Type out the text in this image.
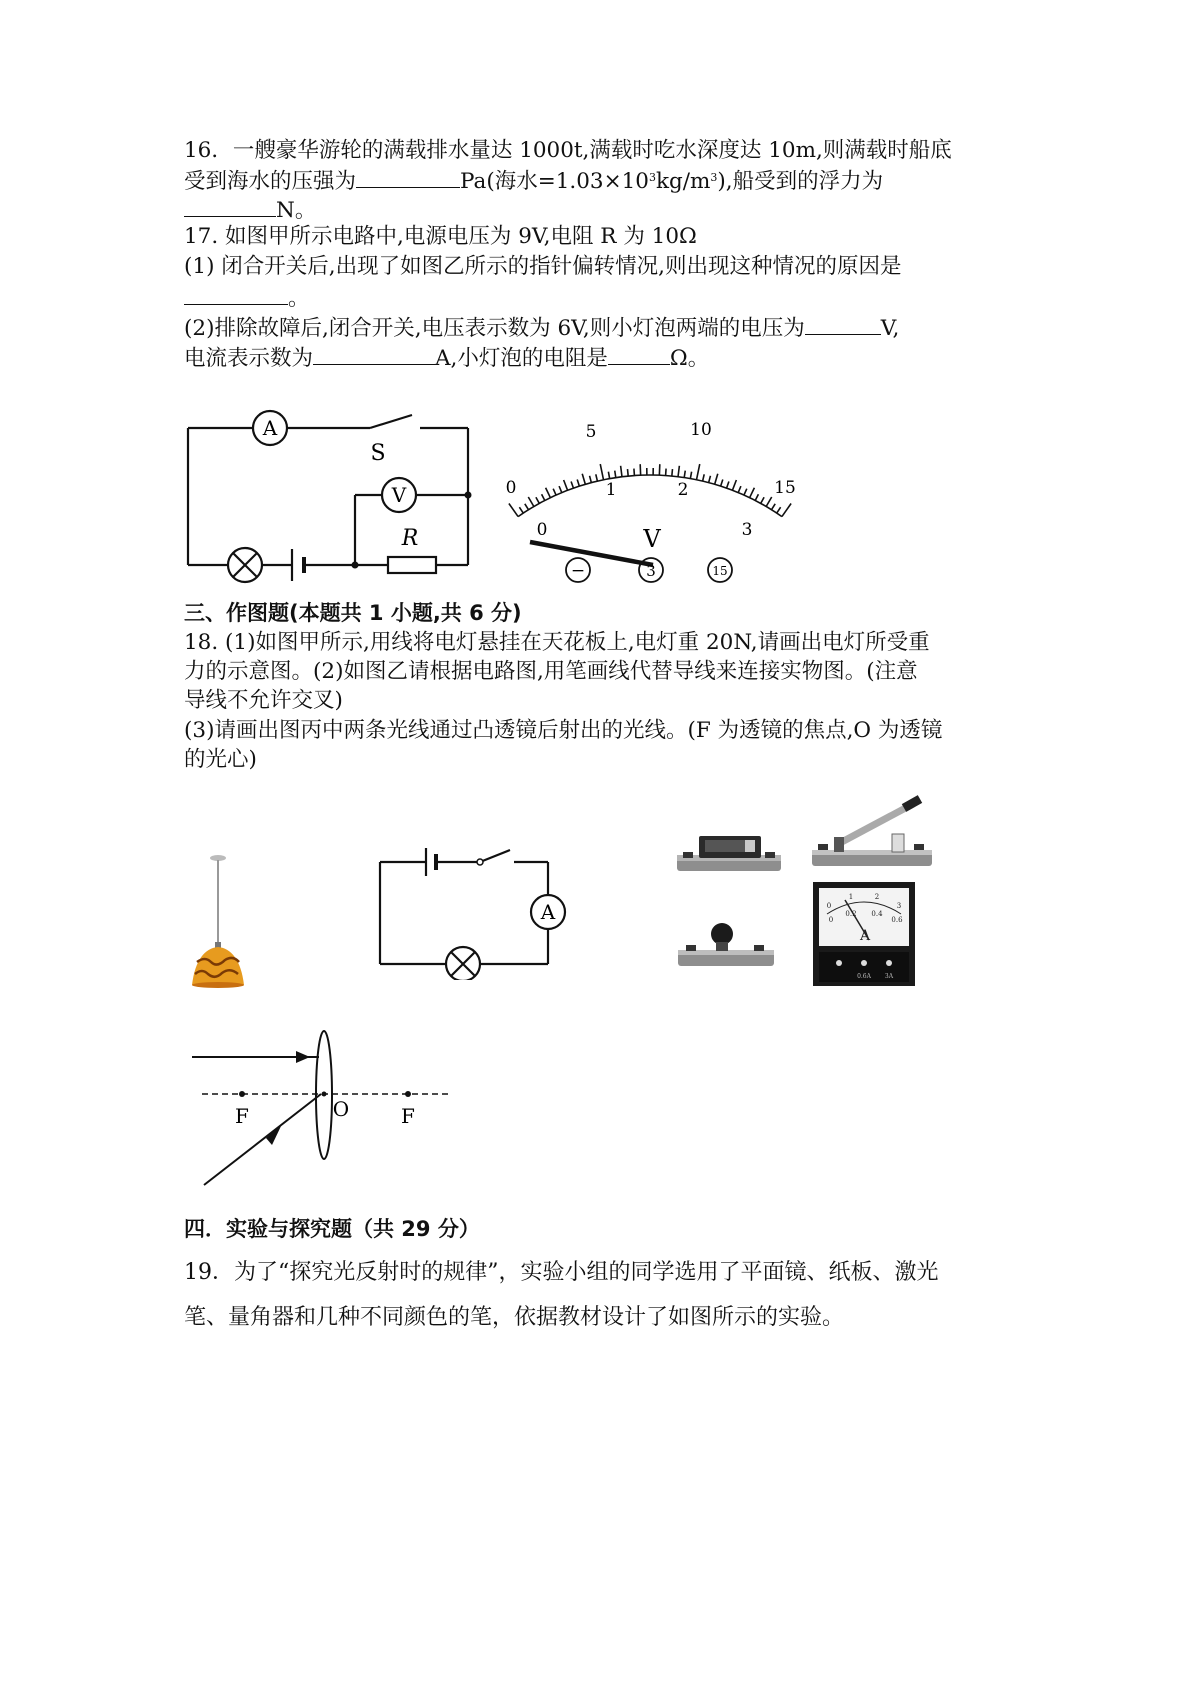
16．一艘豪华游轮的满载排水量达 1000t,满载时吃水深度达 10m,则满载时船底
受到海水的压强为	Pa(海水$=1.03\times 10^3kg/m^3$),船受到的浮力为
N。
17. 如图甲所示电路中,电源电压为 9V,电阻 R 为 10Ω
(1) 闭合开关后,出现了如图乙所示的指针偏转情况,则出现这种情况的原因是
。
(2)排除故障后,闭合开关,电压表示数为 6V,则小灯泡两端的电压为	V,
电流表示数为	A,小灯泡的电阻是	Ω。
A
S
V
R
0
5	10
15
0
1	2
3
V
−	3	15
三、作图题(本题共 1 小题,共 6 分)
18. (1)如图甲所示,用线将电灯悬挂在天花板上,电灯重 20N,请画出电灯所受重
力的示意图。(2)如图乙请根据电路图,用笔画线代替导线来连接实物图。(注意
导线不允许交叉)
(3)请画出图丙中两条光线通过凸透镜后射出的光线。(F 为透镜的焦点,O 为透镜
的光心)
A	0
1	2
3
0
0.2 0.4
0.6
A
0.6A 3A
F	O	F
四．实验与探究题（共 29 分）
19．为了“探究光反射时的规律”，实验小组的同学选用了平面镜、纸板、激光
笔、量角器和几种不同颜色的笔，依据教材设计了如图所示的实验。
